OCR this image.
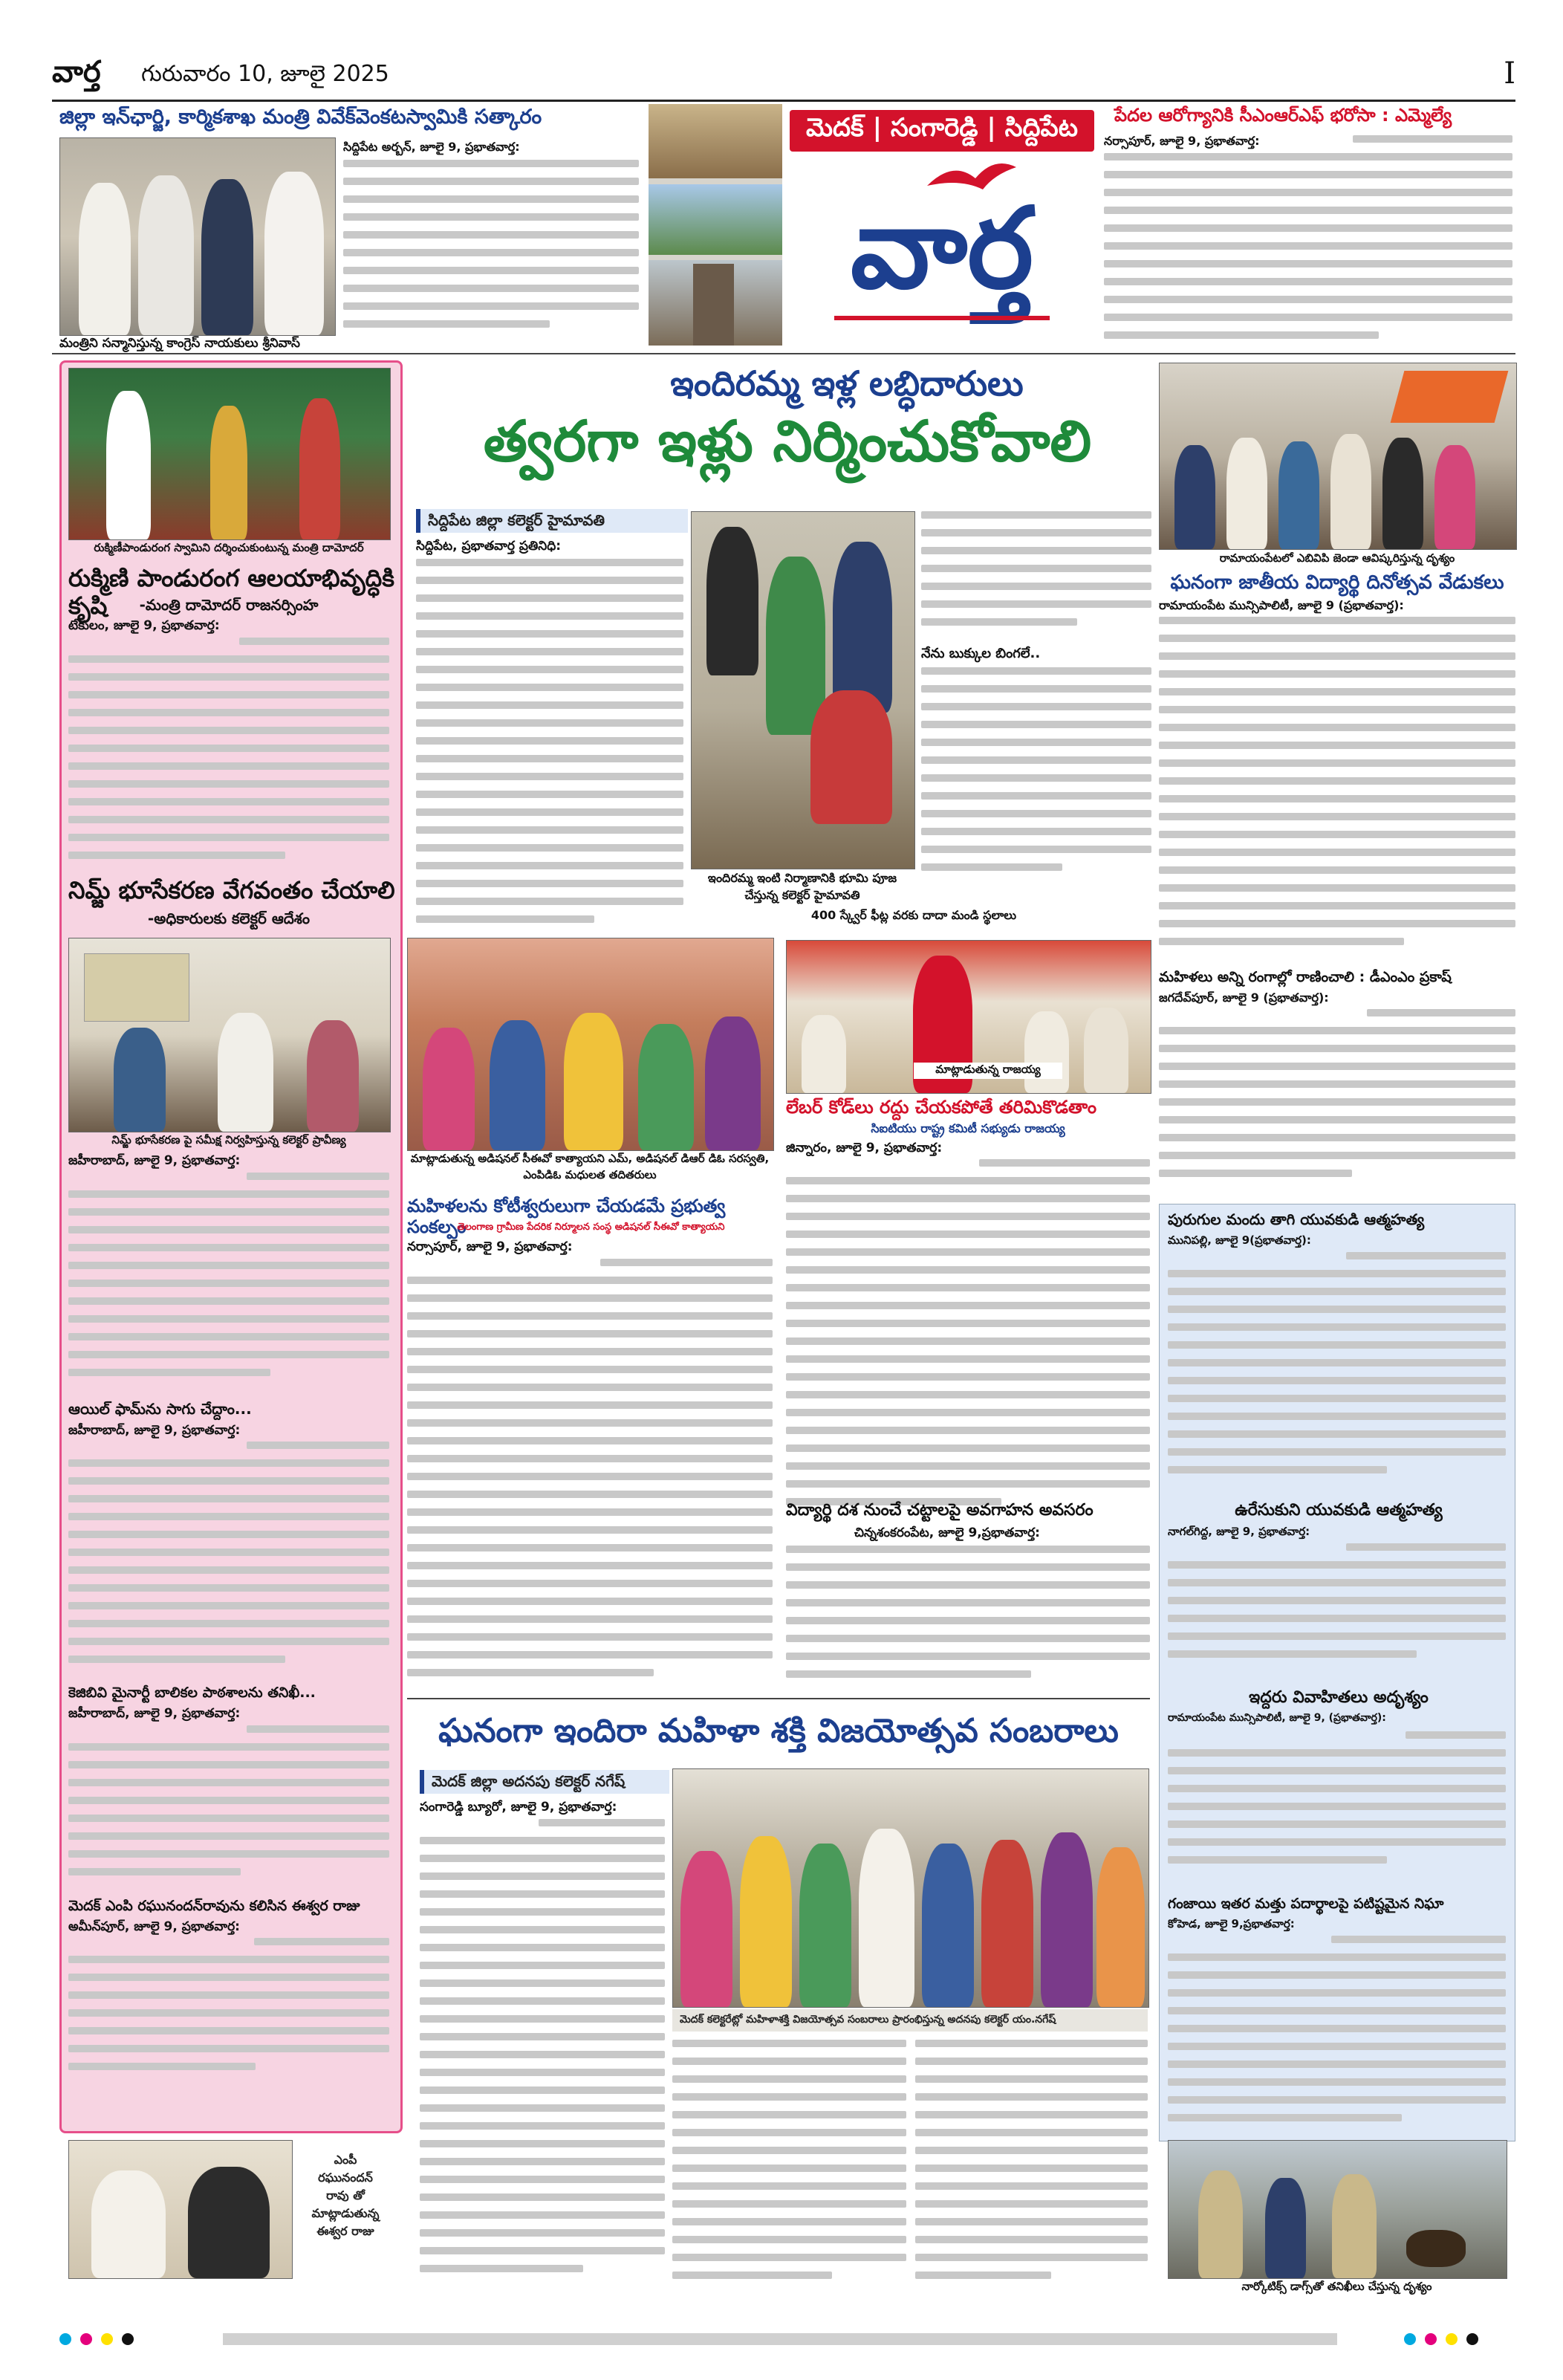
వార్త గురువారం 10, జూలై 2025	I
జిల్లా ఇన్‌ఛార్జి, కార్మికశాఖ మంత్రి వివేక్‌వెంకటస్వామికి సత్కారం
మంత్రిని సన్మానిస్తున్న కాంగ్రెస్ నాయకులు శ్రీనివాస్
సిద్దిపేట అర్బన్, జూలై 9, ప్రభాతవార్త:
మెదక్ | సంగారెడ్డి | సిద్దిపేట
వార్త
పేదల ఆరోగ్యానికి సీఎంఆర్‌ఎఫ్ భరోసా : ఎమ్మెల్యే
నర్సాపూర్, జూలై 9, ప్రభాతవార్త:
రుక్మిణీపాండురంగ స్వామిని దర్శించుకుంటున్న మంత్రి దామోదర్
రుక్మిణి పాండురంగ ఆలయాభివృద్ధికి కృషి	-మంత్రి దామోదర్ రాజనర్సింహ
టేకులం, జూలై 9, ప్రభాతవార్త:
నిమ్జ్ భూసేకరణ వేగవంతం చేయాలి
-అధికారులకు కలెక్టర్ ఆదేశం
నిమ్జ్ భూసేకరణ పై సమీక్ష నిర్వహిస్తున్న కలెక్టర్ ప్రావీణ్య
జహీరాబాద్, జూలై 9, ప్రభాతవార్త:
ఆయిల్ ఫామ్‌ను సాగు చేద్దాం...
జహీరాబాద్, జూలై 9, ప్రభాతవార్త:
కెజిబివి మైనార్టీ బాలికల పాఠశాలను తనిఖీ...
జహీరాబాద్, జూలై 9, ప్రభాతవార్త:
మెదక్ ఎంపి రఘునందన్‌రావును కలిసిన ఈశ్వర రాజు
అమీన్‌పూర్, జూలై 9, ప్రభాతవార్త:
ఎంపీ
రఘునందన్
రావు తో
మాట్లాడుతున్న
ఈశ్వర రాజు
ఇందిరమ్మ ఇళ్ల లబ్ధిదారులు
త్వరగా ఇళ్లు నిర్మించుకోవాలి
సిద్దిపేట జిల్లా కలెక్టర్ హైమావతి
సిద్దిపేట, ప్రభాతవార్త ప్రతినిధి:
ఇందిరమ్మ ఇంటి నిర్మాణానికి భూమి పూజ చేస్తున్న కలెక్టర్ హైమావతి
400 స్క్వేర్ ఫీట్ల వరకు దాదా మండి స్థలాలు
నేను బుక్కుల బింగలే..
మాట్లాడుతున్న అడిషనల్ సీఈవో కాత్యాయని ఎమ్, అడిషనల్ డిఆర్ డిఓ సరస్వతి, ఎంపిడిఓ మధులత తదితరులు
మహిళలను కోటీశ్వరులుగా చేయడమే ప్రభుత్వ సంకల్పం
తెలంగాణ గ్రామీణ పేదరిక నిర్మూలన సంస్థ అడిషనల్ సీఈవో కాత్యాయని
నర్సాపూర్, జూలై 9, ప్రభాతవార్త:
మాట్లాడుతున్న రాజయ్య
లేబర్ కోడ్‌లు రద్దు చేయకపోతే తరిమికొడతాం
సిఐటియు రాష్ట్ర కమిటీ సభ్యుడు రాజయ్య
జిన్నారం, జూలై 9, ప్రభాతవార్త:
విద్యార్థి దశ నుంచే చట్టాలపై అవగాహన అవసరం
చిన్నశంకరంపేట, జూలై 9,ప్రభాతవార్త:
ఘనంగా ఇందిరా మహిళా శక్తి విజయోత్సవ సంబరాలు
మెదక్ జిల్లా అదనపు కలెక్టర్ నగేష్
సంగారెడ్డి బ్యూరో, జూలై 9, ప్రభాతవార్త:
మెదక్ కలెక్టరేట్లో మహిళాశక్తి విజయోత్సవ సంబరాలు ప్రారంభిస్తున్న అదనపు కలెక్టర్ య‌ం.నగేష్
రామాయంపేటలో ఎబివిపి జెండా ఆవిష్కరిస్తున్న దృశ్యం
ఘనంగా జాతీయ విద్యార్థి దినోత్సవ వేడుకలు
రామాయంపేట మున్సిపాలిటీ, జూలై 9 (ప్రభాతవార్త):
మహిళలు అన్ని రంగాల్లో రాణించాలి : డీఎంఎం ప్రకాష్
జగదేవ్‌పూర్, జూలై 9 (ప్రభాతవార్త):
పురుగుల మందు తాగి యువకుడి ఆత్మహత్య
మునిపల్లి, జూలై 9(ప్రభాతవార్త):
ఉరేసుకుని యువకుడి ఆత్మహత్య
నాగల్‌గిద్ద, జూలై 9, ప్రభాతవార్త:
ఇద్దరు వివాహితలు అదృశ్యం
రామాయంపేట మున్సిపాలిటీ, జూలై 9, (ప్రభాతవార్త):
గంజాయి ఇతర మత్తు పదార్థాలపై పటిష్టమైన నిఘా
కోహెడ, జూలై 9,ప్రభాతవార్త:
నార్కోటిక్స్ డాగ్స్‌తో తనిఖీలు చేస్తున్న దృశ్యం
